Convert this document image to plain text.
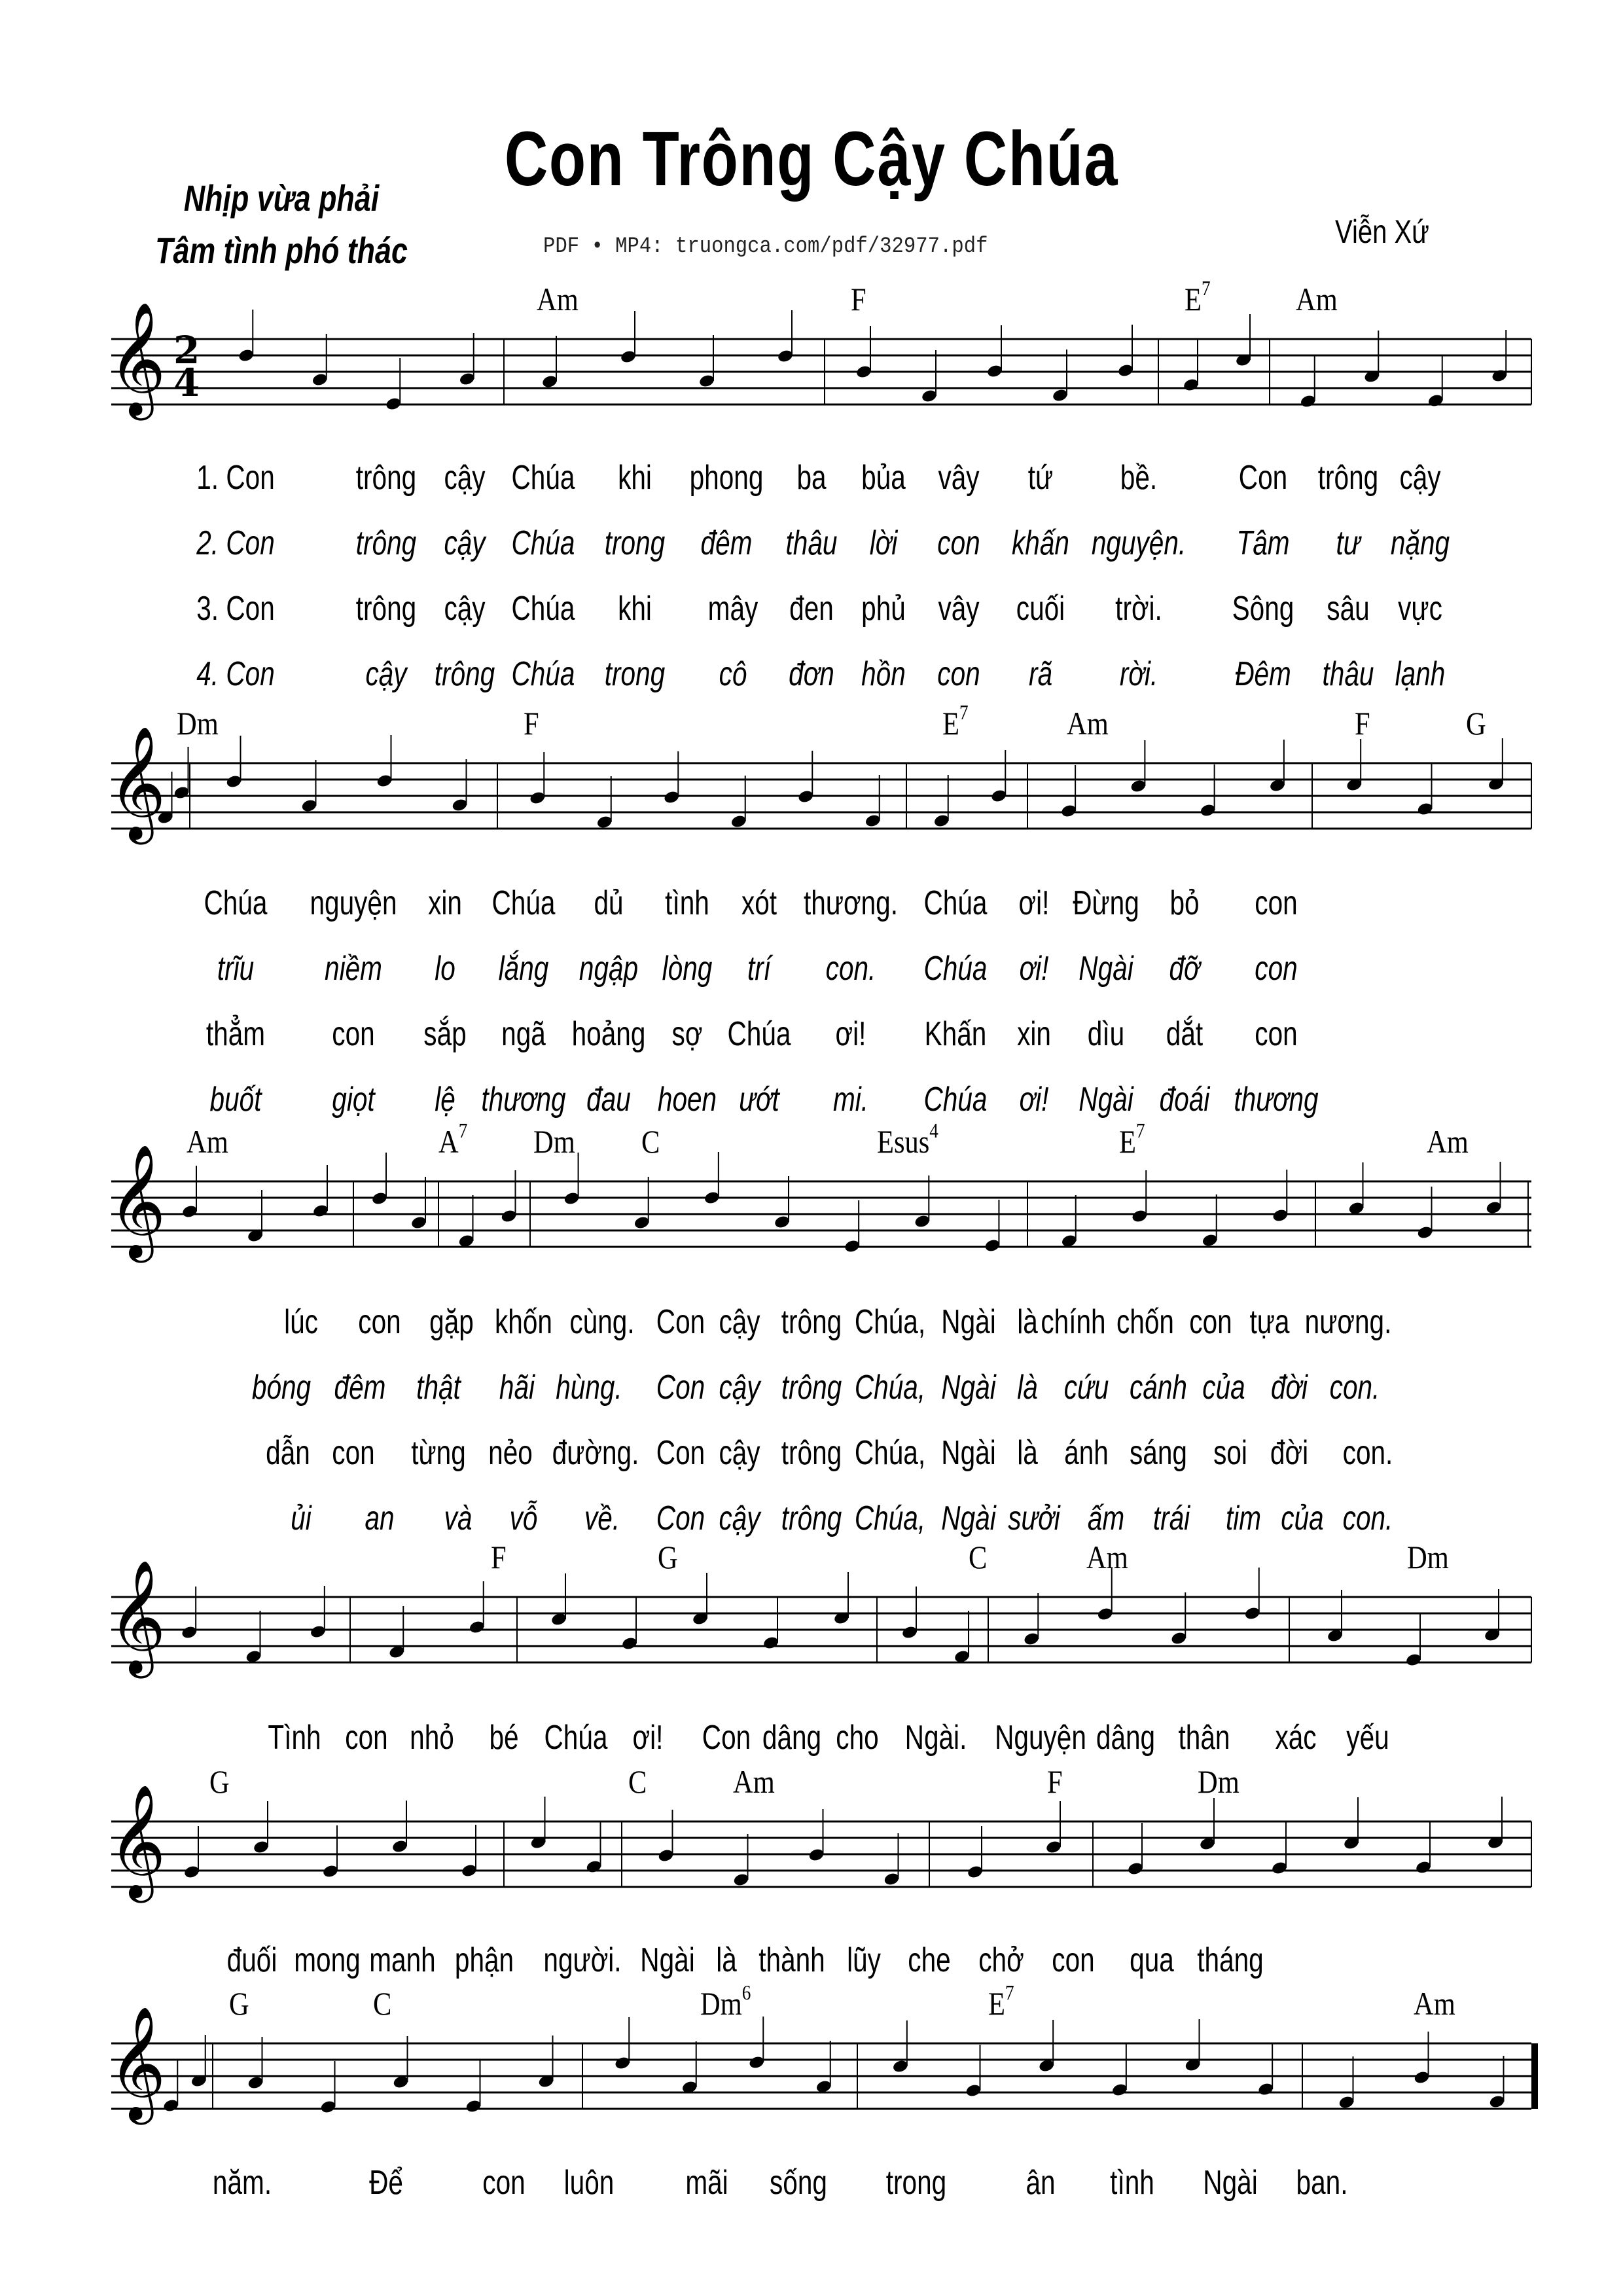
Con Trông Cậy Chúa
Nhịp vừa phải
Tâm tình phó thác	PDF • MP4: truongca.com/pdf/32977.pdf	Viễn Xứ
𝄞 2
4
Am	F	$E^7$	Am
1. Con trông cậy Chúa khi phong ba bủa vây tứ bề. Con trông cậy
2. Con trông cậy Chúa trong đêm thâu lời con khấn nguyện. Tâm tư nặng
3. Con trông cậy Chúa khi mây đen phủ vây cuối trời. Sông sâu vực
4. Con	cậy trông Chúa trong cô đơn hồn con rã rời. Đêm thâu lạnh
𝄞
Dm	F	$E^7$	Am	F	G
Chúa nguyện xin Chúa dủ tình xót thương. Chúa ơi! Đừng bỏ con
trĩu niềm lo lắng ngập lòng trí con. Chúa ơi! Ngài đỡ con
thẳm con sắp ngã hoảng sợ Chúa ơi! Khấn xin dìu dắt con
buốt giọt lệ thương đau hoen ướt mi. Chúa ơi! Ngài đoái thương
𝄞
Am	$A^7$ Dm C	Esus$^4$	$E^7$	Am
lúc con gặp khốn cùng. Con cậy trông Chúa, Ngài là chính chốn con tựa nương.
bóng đêm thật hãi hùng. Con cậy trông Chúa, Ngài là cứu cánh của đời con.
dẫn con từng nẻo đường. Con cậy trông Chúa, Ngài là ánh sáng soi đời con.
ủi an và vỗ về. Con cậy trông Chúa, Ngài sưởi ấm trái tim của con.
𝄞
F	G	C	Am	Dm
Tình con nhỏ bé Chúa ơi! Con dâng cho Ngài. Nguyện dâng thân xác yếu
𝄞
G	C	Am	F	Dm
đuối mong manh phận người. Ngài là thành lũy che chở con qua tháng
𝄞
G	C	Dm$^6$	$E^7$	Am
năm.	Để con luôn mãi sống trong ân tình Ngài ban.
